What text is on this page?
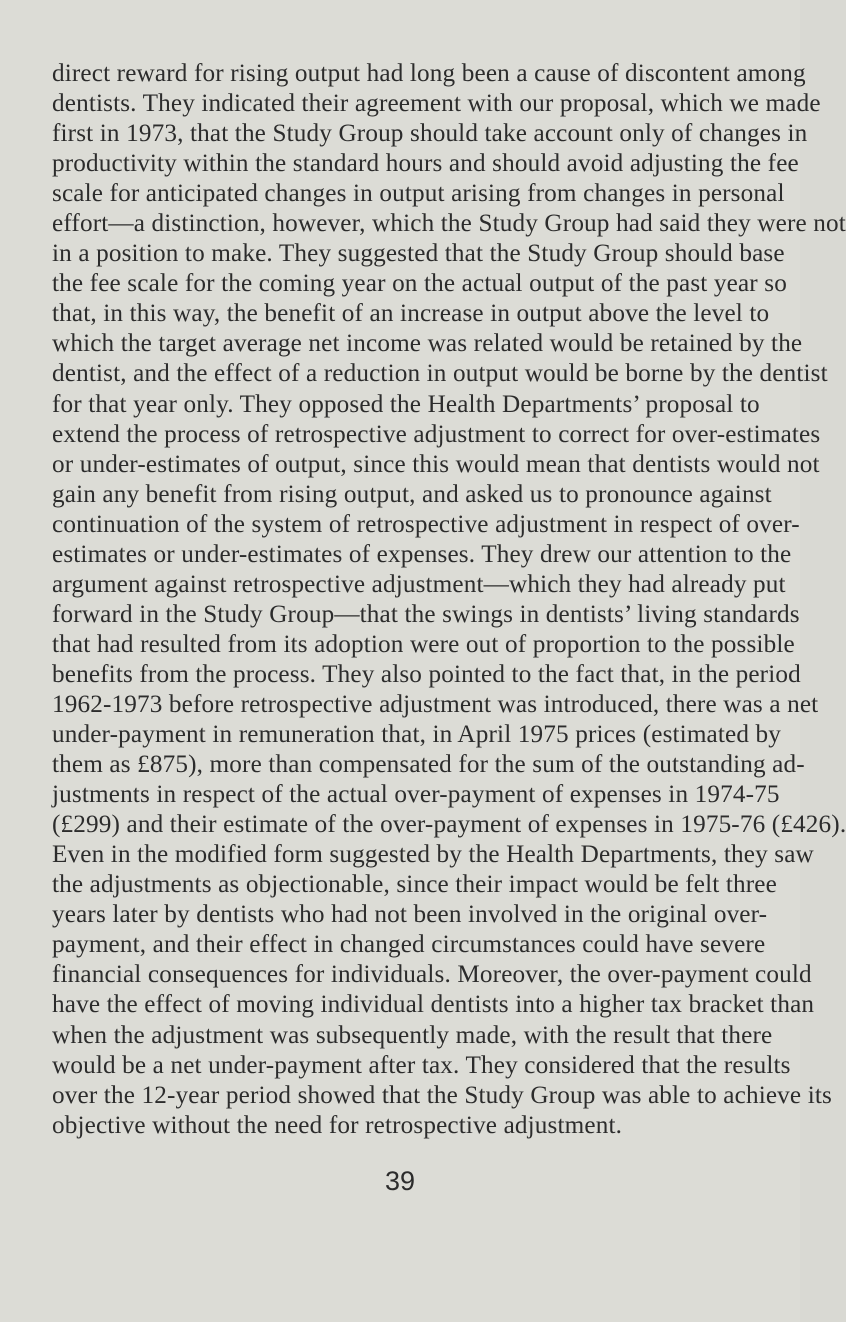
direct reward for rising output had long been a cause of discontent among
dentists. They indicated their agreement with our proposal, which we made
first in 1973, that the Study Group should take account only of changes in
productivity within the standard hours and should avoid adjusting the fee
scale for anticipated changes in output arising from changes in personal
effort—a distinction, however, which the Study Group had said they were not
in a position to make. They suggested that the Study Group should base
the fee scale for the coming year on the actual output of the past year so
that, in this way, the benefit of an increase in output above the level to
which the target average net income was related would be retained by the
dentist, and the effect of a reduction in output would be borne by the dentist
for that year only. They opposed the Health Departments’ proposal to
extend the process of retrospective adjustment to correct for over-estimates
or under-estimates of output, since this would mean that dentists would not
gain any benefit from rising output, and asked us to pronounce against
continuation of the system of retrospective adjustment in respect of over-
estimates or under-estimates of expenses. They drew our attention to the
argument against retrospective adjustment—which they had already put
forward in the Study Group—that the swings in dentists’ living standards
that had resulted from its adoption were out of proportion to the possible
benefits from the process. They also pointed to the fact that, in the period
1962-1973 before retrospective adjustment was introduced, there was a net
under-payment in remuneration that, in April 1975 prices (estimated by
them as £875), more than compensated for the sum of the outstanding ad-
justments in respect of the actual over-payment of expenses in 1974-75
(£299) and their estimate of the over-payment of expenses in 1975-76 (£426).
Even in the modified form suggested by the Health Departments, they saw
the adjustments as objectionable, since their impact would be felt three
years later by dentists who had not been involved in the original over-
payment, and their effect in changed circumstances could have severe
financial consequences for individuals. Moreover, the over-payment could
have the effect of moving individual dentists into a higher tax bracket than
when the adjustment was subsequently made, with the result that there
would be a net under-payment after tax. They considered that the results
over the 12-year period showed that the Study Group was able to achieve its
objective without the need for retrospective adjustment.
39
